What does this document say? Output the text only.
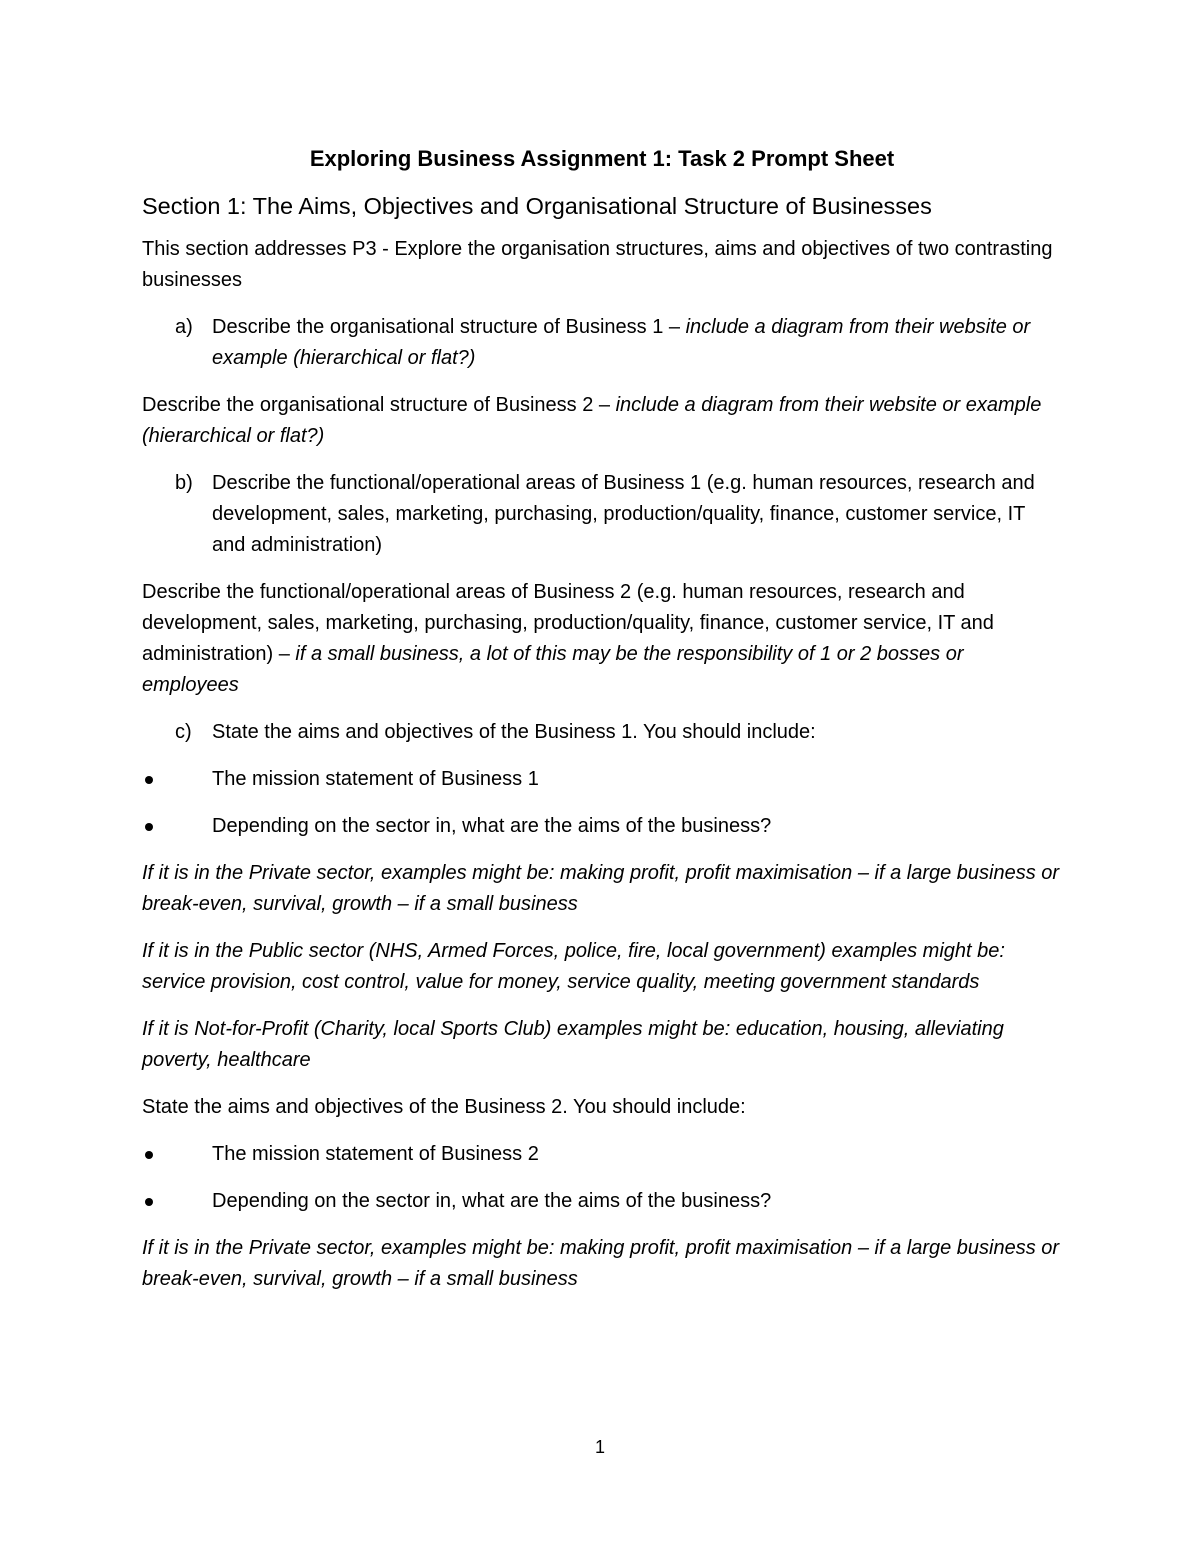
Exploring Business Assignment 1: Task 2 Prompt Sheet
Section 1: The Aims, Objectives and Organisational Structure of Businesses

This section addresses P3 - Explore the organisation structures, aims and objectives of two contrasting businesses

a) Describe the organisational structure of Business 1 – include a diagram from their website or example (hierarchical or flat?)

Describe the organisational structure of Business 2 – include a diagram from their website or example (hierarchical or flat?)

b) Describe the functional/operational areas of Business 1 (e.g. human resources, research and development, sales, marketing, purchasing, production/quality, finance, customer service, IT and administration)

Describe the functional/operational areas of Business 2 (e.g. human resources, research and development, sales, marketing, purchasing, production/quality, finance, customer service, IT and administration) – if a small business, a lot of this may be the responsibility of 1 or 2 bosses or employees

c) State the aims and objectives of the Business 1. You should include:
The mission statement of Business 1
Depending on the sector in, what are the aims of the business?

If it is in the Private sector, examples might be: making profit, profit maximisation – if a large business or break-even, survival, growth – if a small business

If it is in the Public sector (NHS, Armed Forces, police, fire, local government) examples might be: service provision, cost control, value for money, service quality, meeting government standards

If it is Not-for-Profit (Charity, local Sports Club) examples might be: education, housing, alleviating poverty, healthcare

State the aims and objectives of the Business 2. You should include:

The mission statement of Business 2
Depending on the sector in, what are the aims of the business?

If it is in the Private sector, examples might be: making profit, profit maximisation – if a large business or break-even, survival, growth – if a small business

1
